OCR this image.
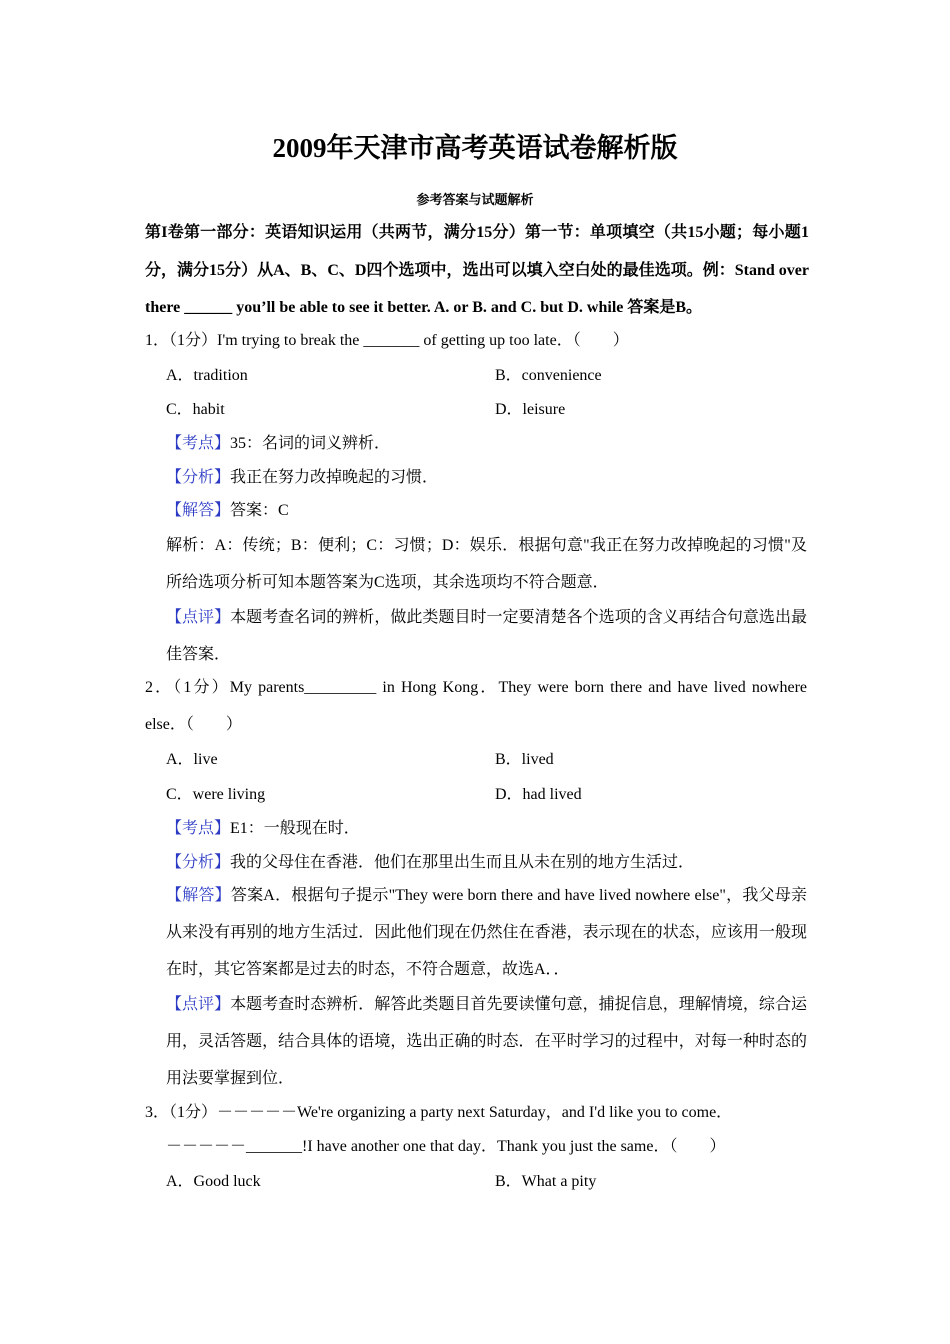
2009年天津市高考英语试卷解析版
参考答案与试题解析
第I卷第一部分：英语知识运用（共两节，满分15分）第一节：单项填空（共15小题；每小题1分，满分15分）从A、B、C、D四个选项中，选出可以填入空白处的最佳选项。例：Stand over there ______ you’ll be able to see it better. A. or B. and C. but D. while 答案是B。
1．（1分）I'm trying to break the _______ of getting up too late．（　　）
A．tradition	B．convenience
C．habit	D．leisure
【考点】35：名词的词义辨析．
【分析】我正在努力改掉晚起的习惯．
【解答】答案：C
解析：A：传统；B：便利；C：习惯；D：娱乐．根据句意"我正在努力改掉晚起的习惯"及所给选项分析可知本题答案为C选项，其余选项均不符合题意．
【点评】本题考查名词的辨析，做此类题目时一定要清楚各个选项的含义再结合句意选出最佳答案．
2．（1分）My parents_________ in Hong Kong．They were born there and have lived nowhere else．（　　）
A．live	B．lived
C．were living	D．had lived
【考点】E1：一般现在时．
【分析】我的父母住在香港．他们在那里出生而且从未在别的地方生活过．
【解答】答案A．根据句子提示"They were born there and have lived nowhere else"，我父母亲从来没有再别的地方生活过．因此他们现在仍然住在香港，表示现在的状态，应该用一般现在时，其它答案都是过去的时态，不符合题意，故选A．．
【点评】本题考查时态辨析．解答此类题目首先要读懂句意，捕捉信息，理解情境，综合运用，灵活答题，结合具体的语境，选出正确的时态．在平时学习的过程中，对每一种时态的用法要掌握到位．
3．（1分）－－－－－We're organizing a party next Saturday，and I'd like you to come．
－－－－－_______!I have another one that day．Thank you just the same．（　　）
A．Good luck	B．What a pity
